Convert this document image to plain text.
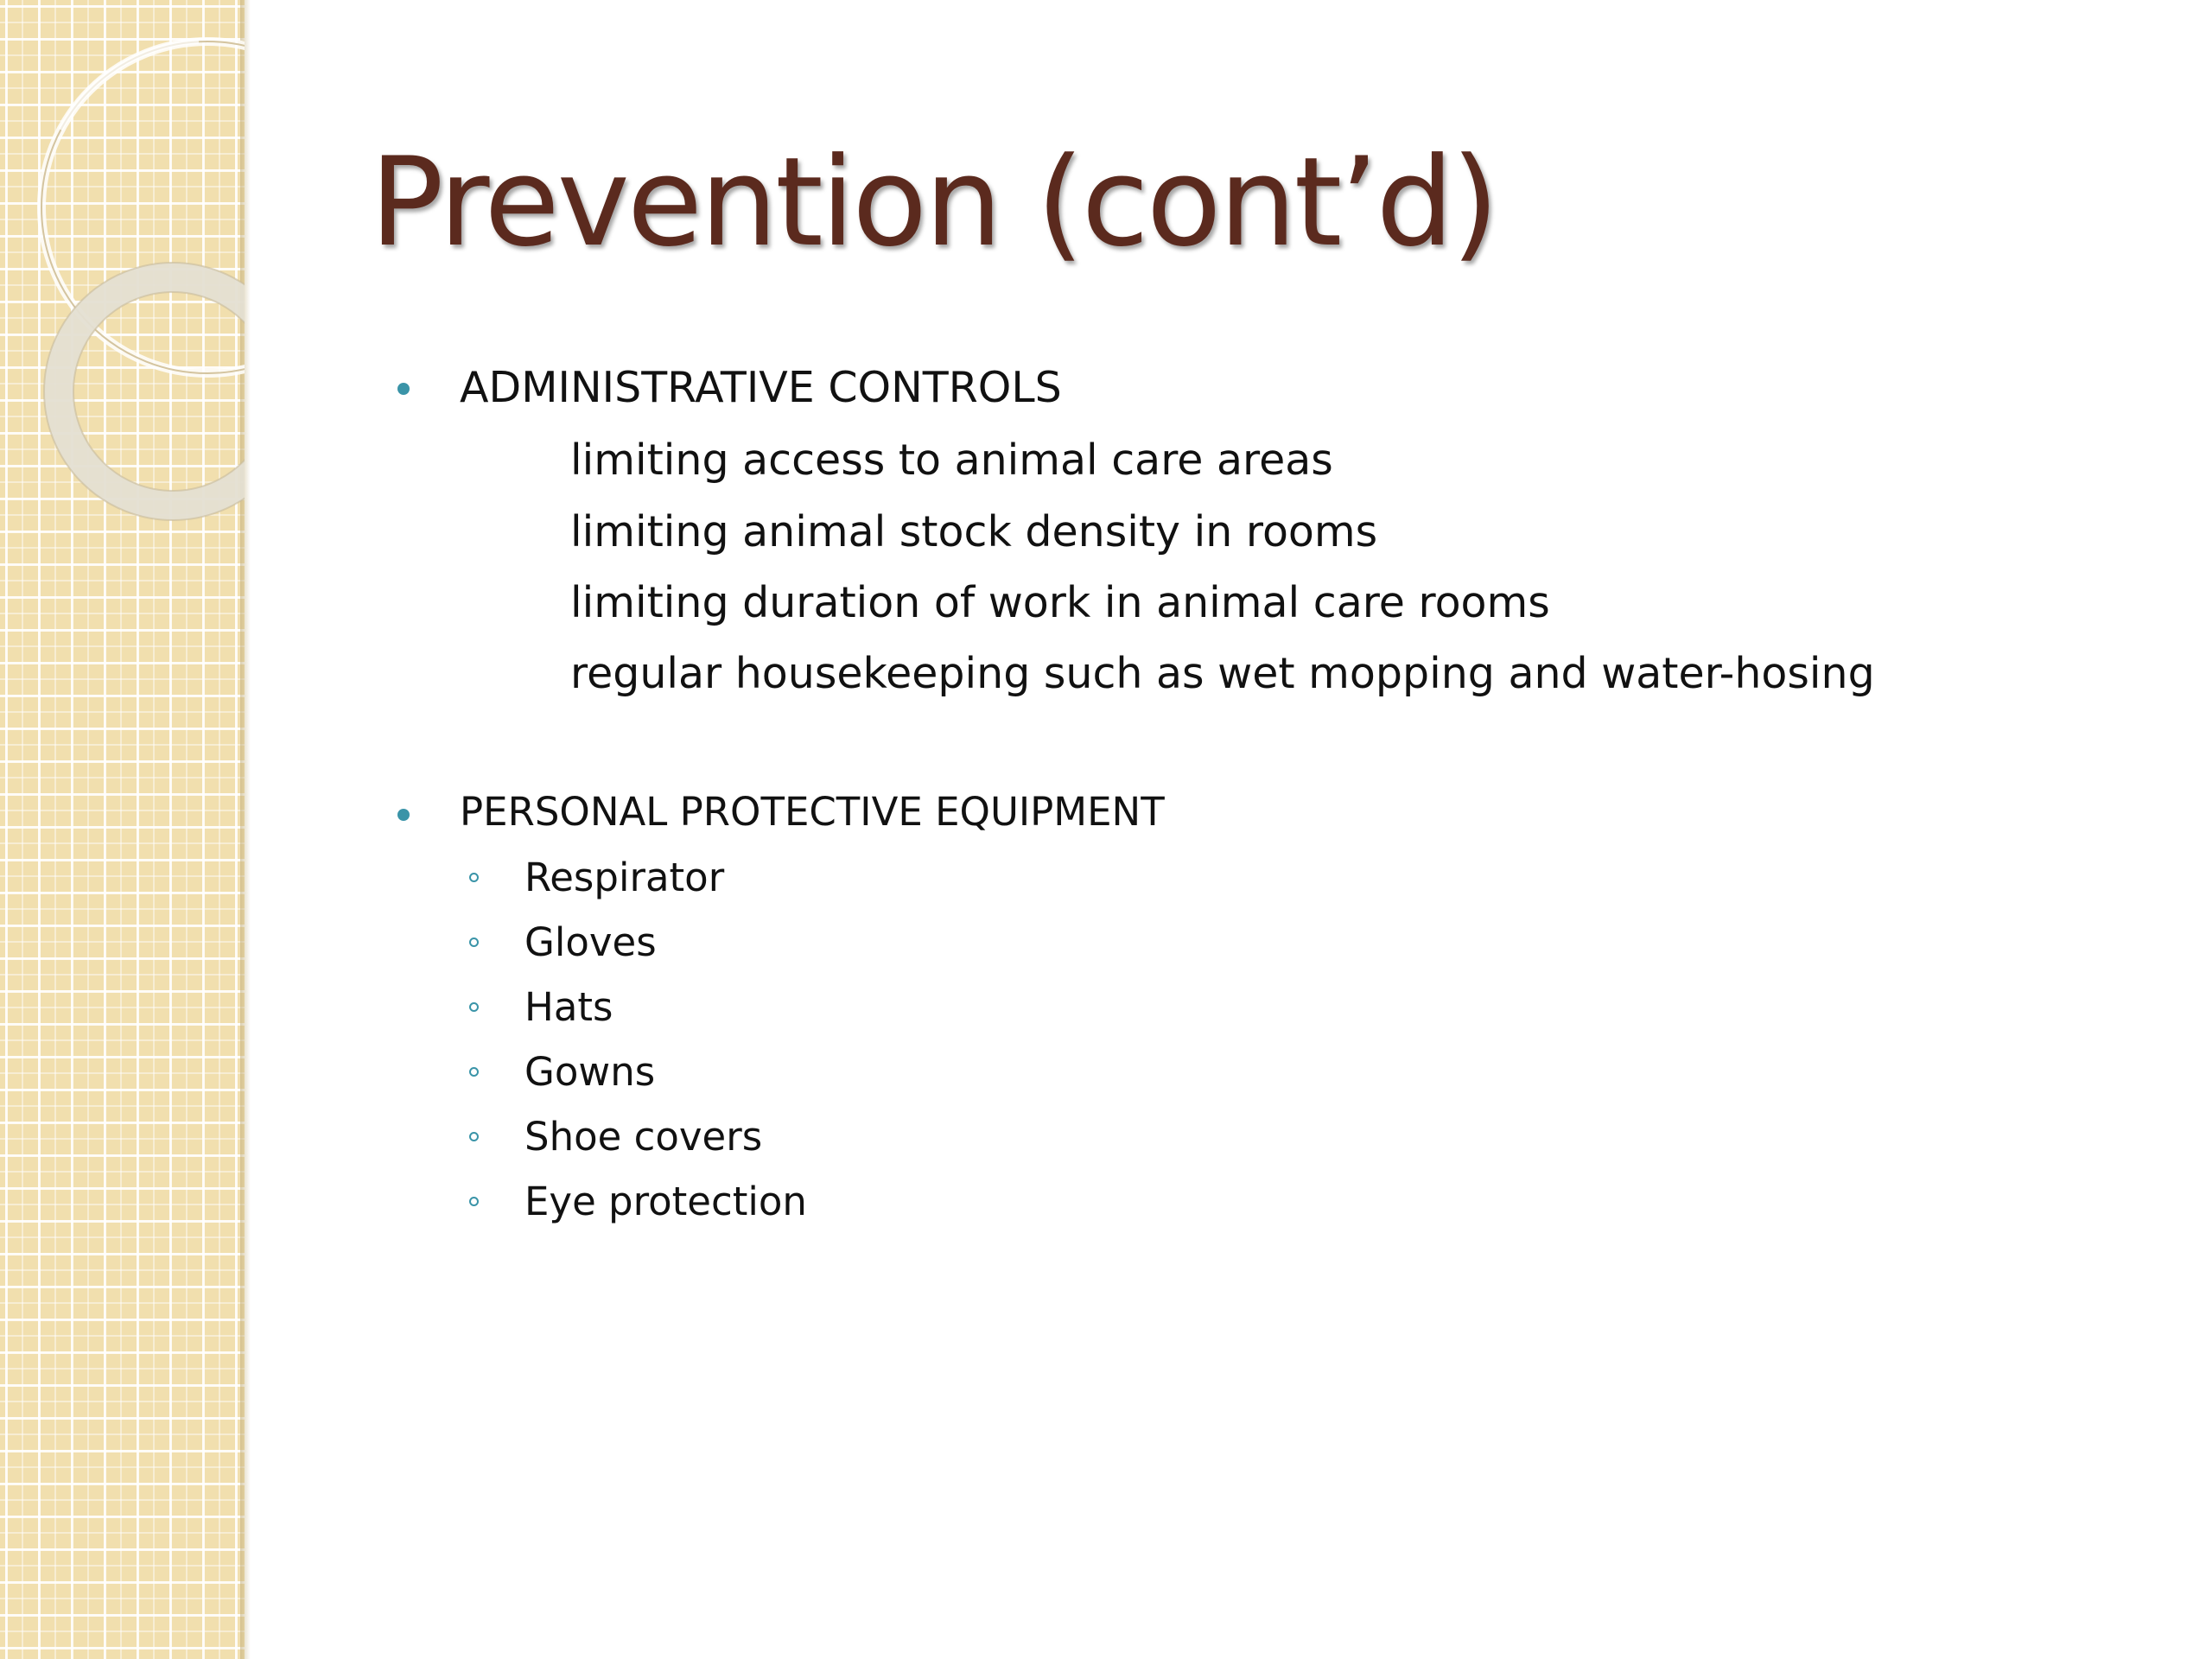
Prevention (cont’d)
ADMINISTRATIVE CONTROLS
limiting access to animal care areas
limiting animal stock density in rooms
limiting duration of work in animal care rooms
regular housekeeping such as wet mopping and water-hosing
PERSONAL PROTECTIVE EQUIPMENT
Respirator
Gloves
Hats
Gowns
Shoe covers
Eye protection
